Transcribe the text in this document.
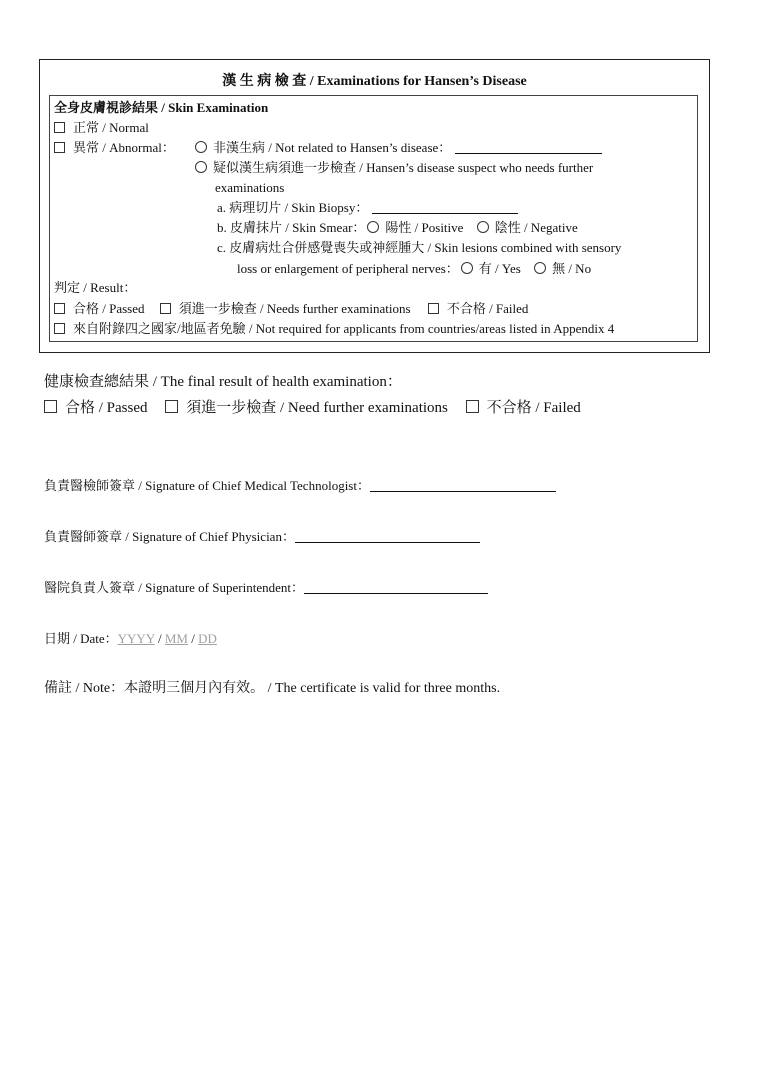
漢 生 病 檢 查 / Examinations for Hansen’s Disease
全身皮膚視診結果 / Skin Examination
正常 / Normal
異常 / Abnormal：	非漢生病 / Not related to Hansen’s disease：
疑似漢生病須進一步檢查 / Hansen’s disease suspect who needs further
examinations
a. 病理切片 / Skin Biopsy：
b. 皮膚抹片 / Skin Smear： 陽性 / Positive 陰性 / Negative
c. 皮膚病灶合併感覺喪失或神經腫大 / Skin lesions combined with sensory
loss or enlargement of peripheral nerves： 有 / Yes 無 / No
判定 / Result：
合格 / Passed	須進一步檢查 / Needs further examinations	不合格 / Failed
來自附錄四之國家/地區者免驗 / Not required for applicants from countries/areas listed in Appendix 4
健康檢查總結果 / The final result of health examination：
合格 / Passed	須進一步檢查 / Need further examinations	不合格 / Failed
負責醫檢師簽章 / Signature of Chief Medical Technologist：
負責醫師簽章 / Signature of Chief Physician：
醫院負責人簽章 / Signature of Superintendent：
日期 / Date：YYYY / MM / DD
備註 / Note：本證明三個月內有效。 / The certificate is valid for three months.
